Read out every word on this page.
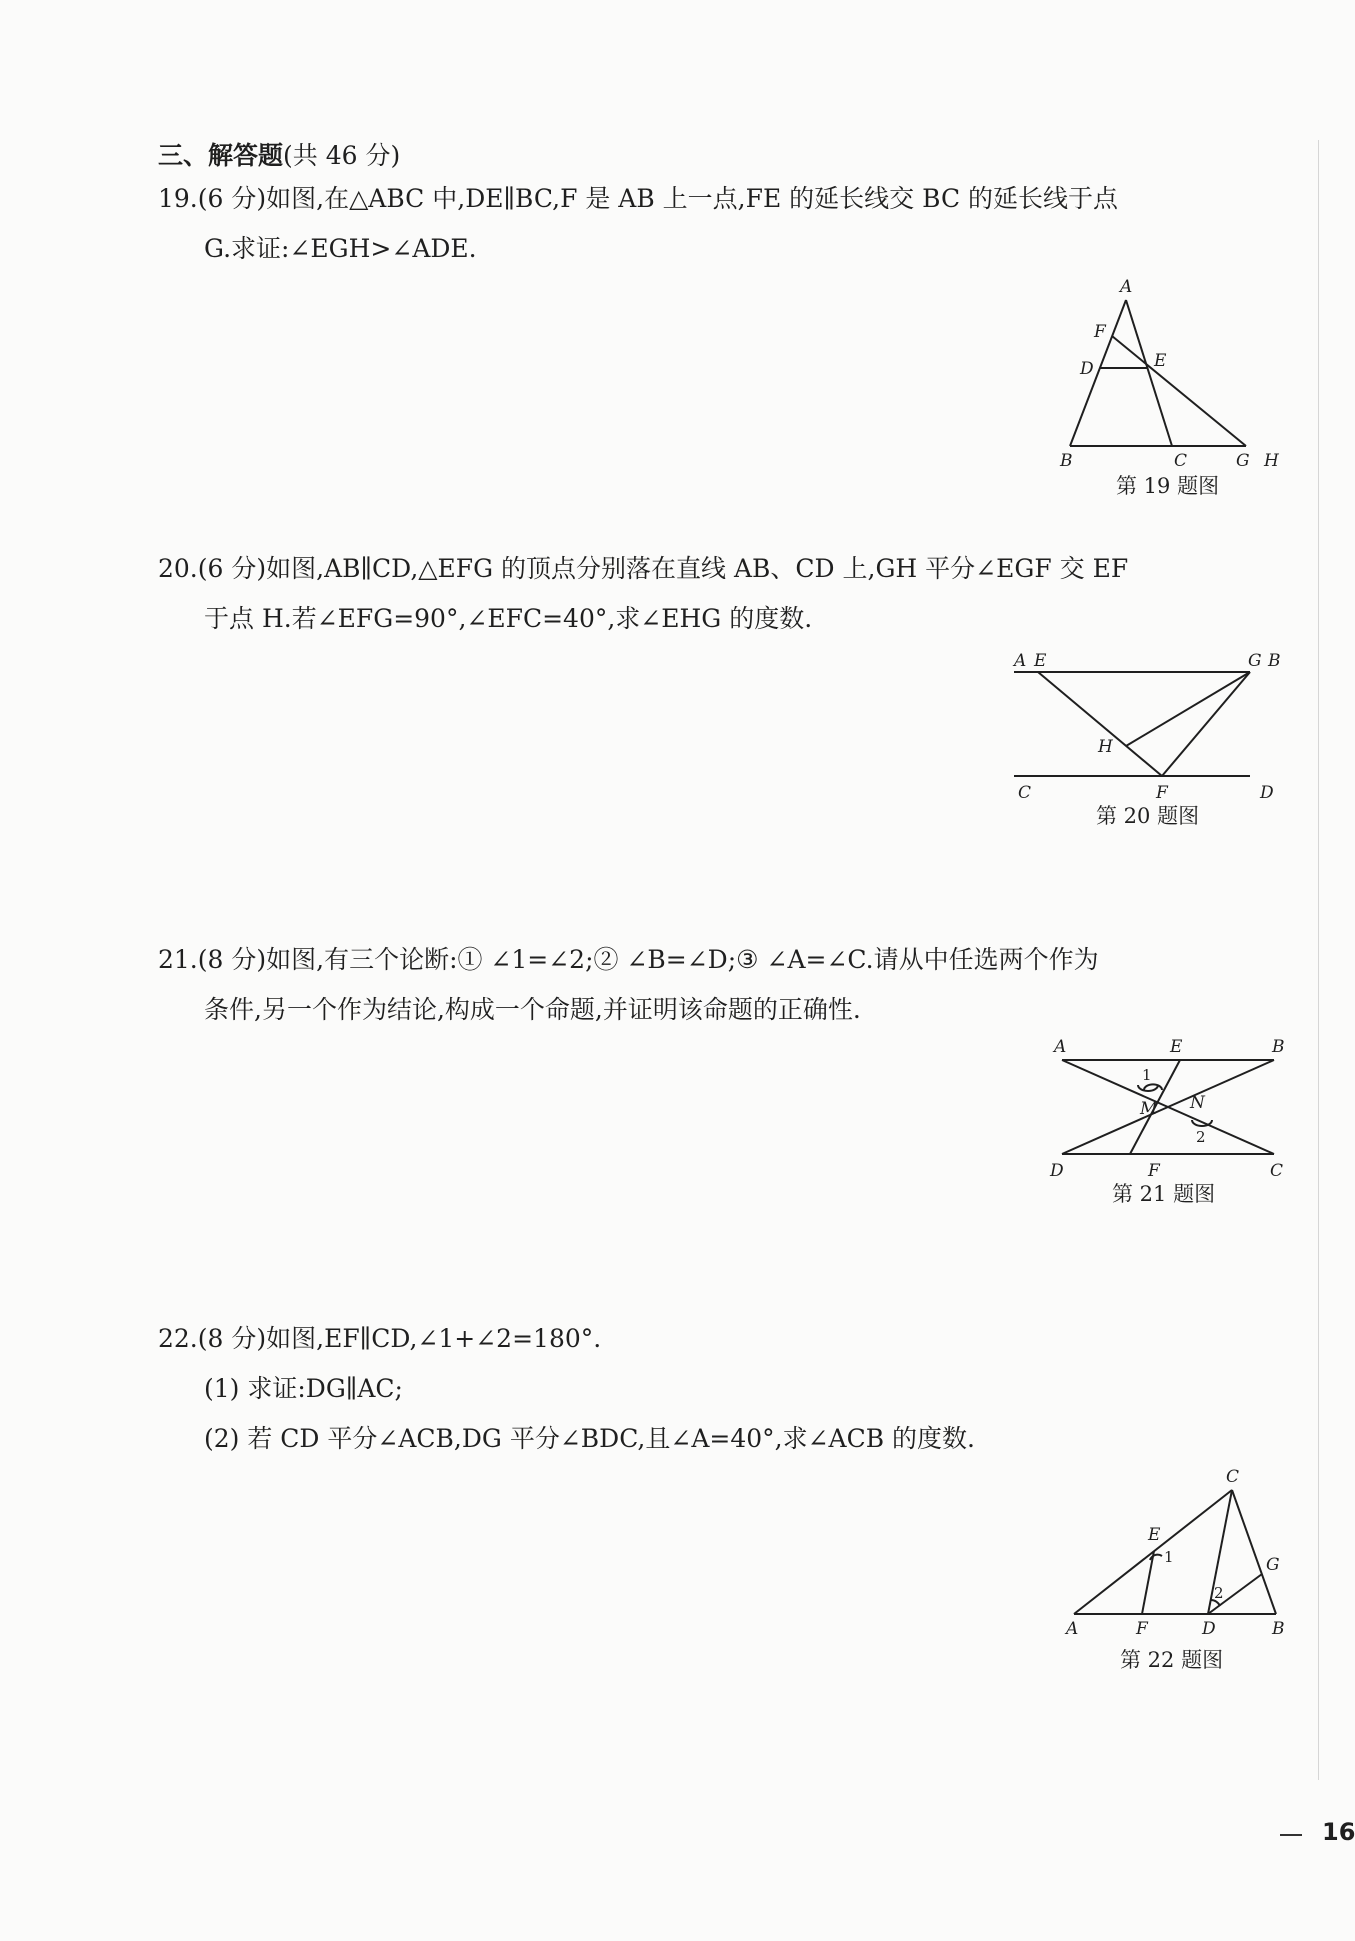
三、解答题(共 46 分)
19.(6 分)如图,在△ABC 中,DE∥BC,F 是 AB 上一点,FE 的延长线交 BC 的延长线于点
G.求证:∠EGH>∠ADE.
A
F
D	E
B	C	G H
第 19 题图
20.(6 分)如图,AB∥CD,△EFG 的顶点分别落在直线 AB、CD 上,GH 平分∠EGF 交 EF
于点 H.若∠EFG=90°,∠EFC=40°,求∠EHG 的度数.
A E	G B
H
C	F	D
第 20 题图
21.(8 分)如图,有三个论断:① ∠1=∠2;② ∠B=∠D;③ ∠A=∠C.请从中任选两个作为
条件,另一个作为结论,构成一个命题,并证明该命题的正确性.
A	E	B
1
M N
2
D	F	C
第 21 题图
22.(8 分)如图,EF∥CD,∠1+∠2=180°.
(1) 求证:DG∥AC;
(2) 若 CD 平分∠ACB,DG 平分∠BDC,且∠A=40°,求∠ACB 的度数.
C
E
1	G
2
A	F	D	B
第 22 题图
16
